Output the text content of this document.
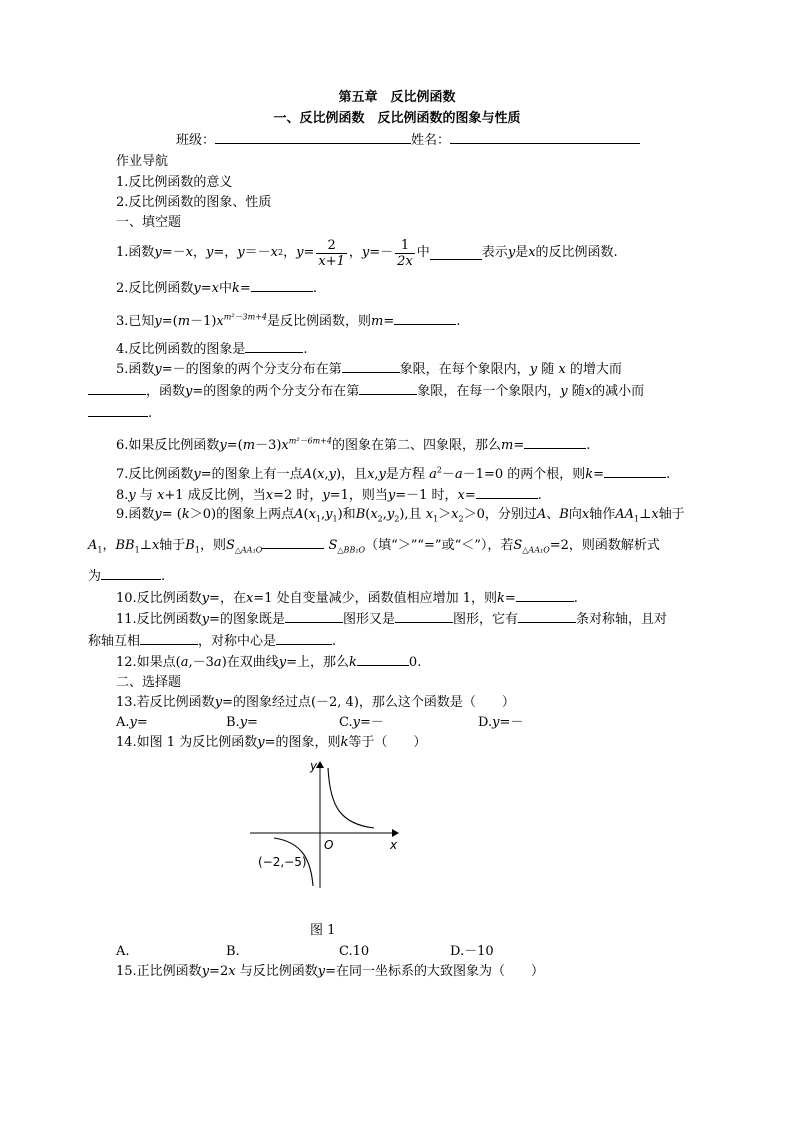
第五章　反比例函数
一、反比例函数　反比例函数的图象与性质
班级：	姓名：
作业导航
1.反比例函数的意义
2.反比例函数的图象、性质
一、填空题
1.函数 y =－ x ， y =， y ＝－ x 2 ， $y = \frac{2}{x+1}$ ， $y =- \frac{1}{2x}$ 中	表示 y 是 x 的反比例函数.
2.反比例函数y=x中k=	.
3.已知$y=(m-1)x^{m^2-3m+4}$是反比例函数，则m=	.
4.反比例函数的图象是	.
5.函数y=－的图象的两个分支分布在第	象限，在每个象限内，y 随 x 的增大而
，函数y=的图象的两个分支分布在第	象限，在每一个象限内，y 随x的减小而
.
6.如果反比例函数$y=(m-3)x^{m^2-6m+4}$的图象在第二、四象限，那么m=	.
7.反比例函数y=的图象上有一点A(x,y)，且x,y是方程 $a^2-a-1=0$ 的两个根，则k=	.
8.y 与 x+1 成反比例，当x=2 时，y=1，则当y=－1 时，x=	.
9.函数y= (k＞0)的图象上两点$A(x_1,y_1)$和$B(x_2,y_2)$,且 $x_1>x_2>0$，分别过A、B向x轴作$AA_1\perp x$轴于
$A_1$，$BB_1\perp x$轴于$B_1$，则$S_{\triangle AA_1O}$	$S_{\triangle BB_1O}$（填“＞”“=”或“＜”），若$S_{\triangle AA_1O}=2$，则函数解析式
为	.
10.反比例函数y=，在x=1 处自变量减少，函数值相应增加 1，则k=	.
11.反比例函数y=的图象既是	图形又是	图形，它有	条对称轴，且对
称轴互相	，对称中心是	.
12.如果点(a,－3a)在双曲线y=上，那么k	0.
二、选择题
13.若反比例函数y=的图象经过点(－2, 4)，那么这个函数是（　　）
A.y=	B.y=	C.y=－	D.y=－
14.如图 1 为反比例函数y=的图象，则k等于（　　）
y
x
O
(−2,−5)
图 1
A.	B.	C.10	D.－10
15.正比例函数y=2x 与反比例函数y=在同一坐标系的大致图象为（　　）
